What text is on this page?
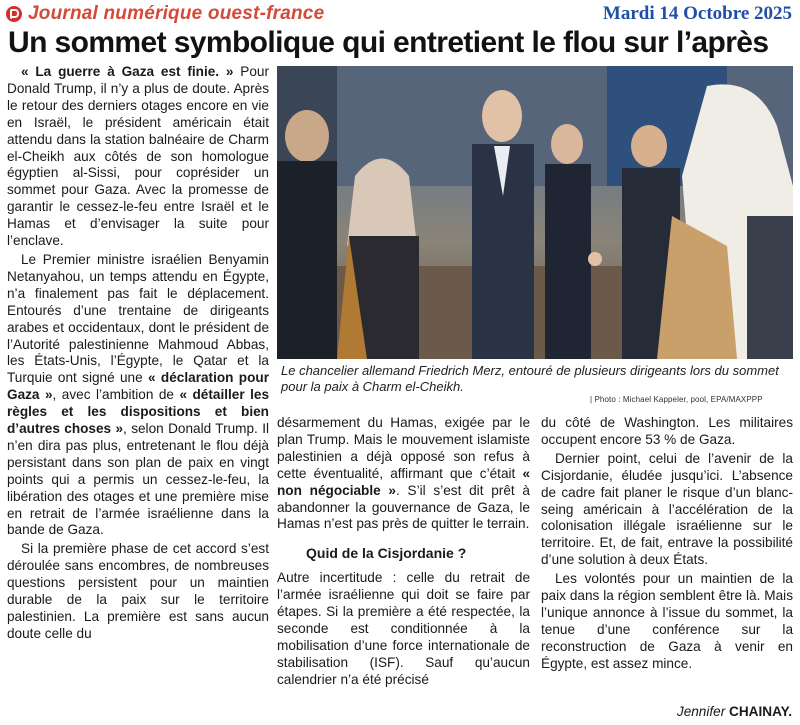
Journal numérique ouest-france	Mardi 14 Octobre 2025
Un sommet symbolique qui entretient le flou sur l’après

« La guerre à Gaza est finie. » Pour Donald Trump, il n’y a plus de doute. Après le retour des derniers otages encore en vie en Israël, le président américain était attendu dans la station balnéaire de Charm el-Cheikh aux côtés de son homologue égyptien al-Sissi, pour coprésider un sommet pour Gaza. Avec la promesse de garantir le cessez-le-feu entre Israël et le Hamas et d’envisager la suite pour l’enclave.

Le Premier ministre israélien Benyamin Netanyahou, un temps attendu en Égypte, n’a finalement pas fait le déplacement. Entourés d’une trentaine de dirigeants arabes et occidentaux, dont le président de l’Autorité palestinienne Mahmoud Abbas, les États-Unis, l’Égypte, le Qatar et la Turquie ont signé une « déclaration pour Gaza », avec l’ambition de « détailler les règles et les dispositions et bien d’autres choses », selon Donald Trump. Il n’en dira pas plus, entretenant le flou déjà persistant dans son plan de paix en vingt points qui a permis un cessez-le-feu, la libération des otages et une première mise en retrait de l’armée israélienne dans la bande de Gaza.

Si la première phase de cet accord s’est déroulée sans encombres, de nombreuses questions persistent pour un maintien durable de la paix sur le territoire palestinien. La première est sans aucun doute celle du

Le chancelier allemand Friedrich Merz, entouré de plusieurs dirigeants lors du sommet pour la paix à Charm el-Cheikh.
| Photo : Michael Kappeler, pool, EPA/MAXPPP

désarmement du Hamas, exigée par le plan Trump. Mais le mouvement islamiste palestinien a déjà opposé son refus à cette éventualité, affirmant que c’était « non négociable ». S’il s’est dit prêt à abandonner la gouvernance de Gaza, le Hamas n’est pas près de quitter le terrain.

Quid de la Cisjordanie ?

Autre incertitude : celle du retrait de l’armée israélienne qui doit se faire par étapes. Si la première a été respectée, la seconde est conditionnée à la mobilisation d’une force internationale de stabilisation (ISF). Sauf qu’aucun calendrier n’a été précisé

du côté de Washington. Les militaires occupent encore 53 % de Gaza.

Dernier point, celui de l’avenir de la Cisjordanie, éludée jusqu’ici. L’absence de cadre fait planer le risque d’un blanc-seing américain à l’accélération de la colonisation illégale israélienne sur le territoire. Et, de fait, entrave la possibilité d’une solution à deux États.

Les volontés pour un maintien de la paix dans la région semblent être là. Mais l’unique annonce à l’issue du sommet, la tenue d’une conférence sur la reconstruction de Gaza à venir en Égypte, est assez mince.

Jennifer CHAINAY.
